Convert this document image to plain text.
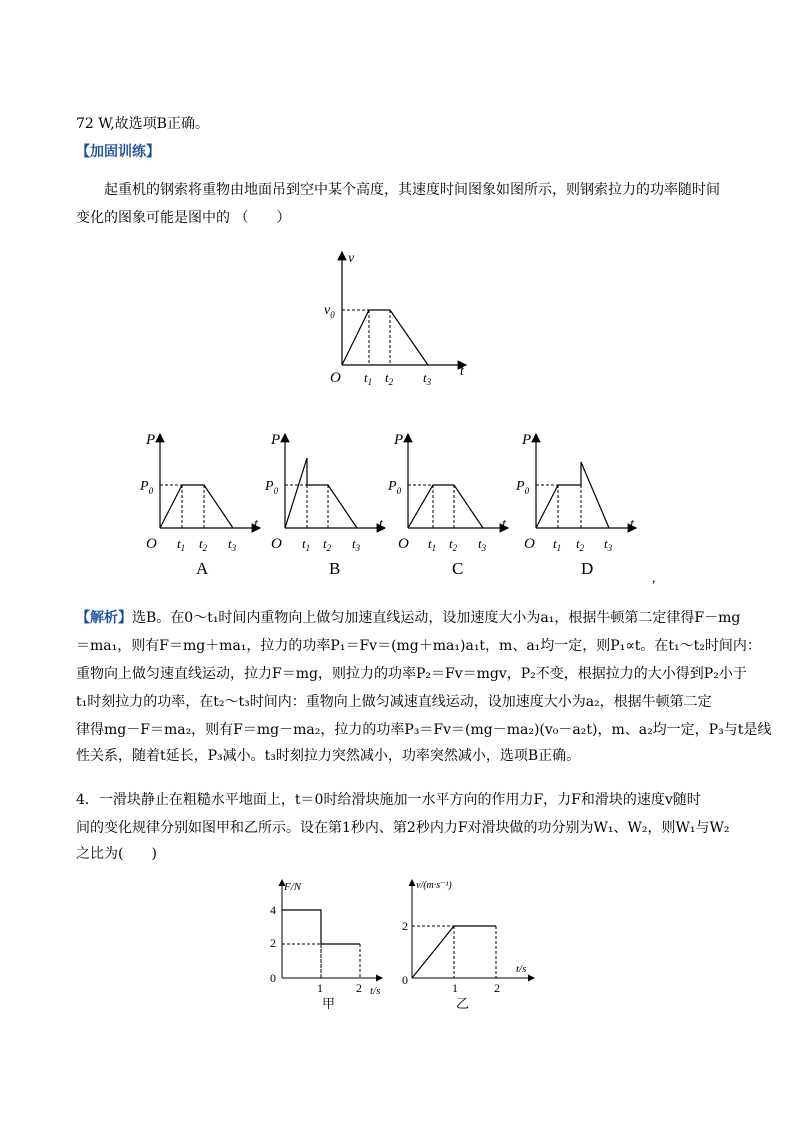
72 W,故选项B正确。
【加固训练】
起重机的钢索将重物由地面吊到空中某个高度，其速度时间图象如图所示，则钢索拉力的功率随时间
变化的图象可能是图中的 （　　）
v
t
O
$v_0$
$t_1$ $t_2$ $t_3$
P
t
O
$P_0$
$t_1$ $t_2$ $t_3$
A
P
t
O
$P_0$
$t_1$ $t_2$ $t_3$
B
P
t
O
$P_0$
$t_1$ $t_2$ $t_3$
C
P
t
O
$P_0$
$t_1$ $t_2$ $t_3$
D
,
【解析】选B。在0～t₁时间内重物向上做匀加速直线运动，设加速度大小为a₁，根据牛顿第二定律得F－mg
＝ma₁，则有F＝mg＋ma₁，拉力的功率P₁＝Fv＝(mg＋ma₁)a₁t，m、a₁均一定，则P₁∝t。在t₁～t₂时间内：
重物向上做匀速直线运动，拉力F＝mg，则拉力的功率P₂＝Fv＝mgv，P₂不变，根据拉力的大小得到P₂小于
t₁时刻拉力的功率，在t₂～t₃时间内：重物向上做匀减速直线运动，设加速度大小为a₂，根据牛顿第二定
律得mg－F＝ma₂，则有F＝mg－ma₂，拉力的功率P₃＝Fv＝(mg－ma₂)(v₀－a₂t)，m、a₂均一定，P₃与t是线
性关系，随着t延长，P₃减小。t₃时刻拉力突然减小，功率突然减小，选项B正确。
4．一滑块静止在粗糙水平地面上，t＝0时给滑块施加一水平方向的作用力F，力F和滑块的速度v随时
间的变化规律分别如图甲和乙所示。设在第1秒内、第2秒内力F对滑块做的功分别为W₁、W₂，则W₁与W₂
之比为(　　)
F/N
t/s
4
2
0
1	2
甲
v/(m·s⁻¹)
t/s
2
0
1	2
乙
